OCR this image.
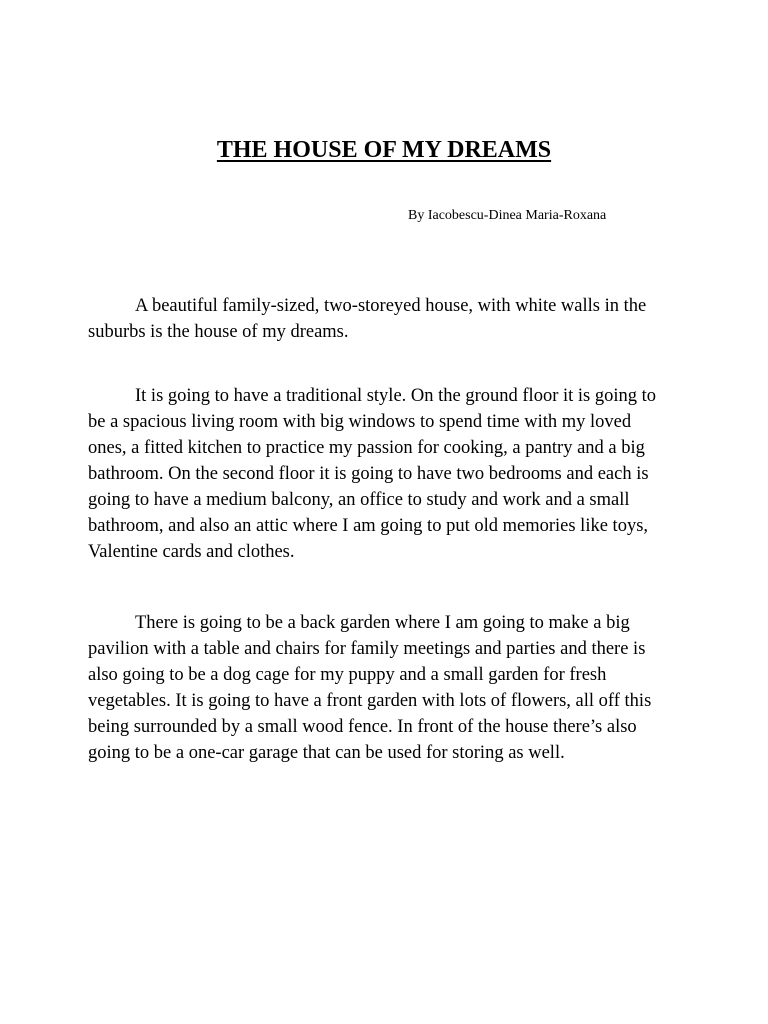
THE HOUSE OF MY DREAMS

By Iacobescu-Dinea Maria-Roxana

A beautiful family-sized, two-storeyed house, with white walls in the suburbs is the house of my dreams.

It is going to have a traditional style. On the ground floor it is going to be a spacious living room with big windows to spend time with my loved ones, a fitted kitchen to practice my passion for cooking, a pantry and a big bathroom. On the second floor it is going to have two bedrooms and each is going to have a medium balcony, an office to study and work and a small bathroom, and also an attic where I am going to put old memories like toys, Valentine cards and clothes.

There is going to be a back garden where I am going to make a big pavilion with a table and chairs for family meetings and parties and there is also going to be a dog cage for my puppy and a small garden for fresh vegetables. It is going to have a front garden with lots of flowers, all off this being surrounded by a small wood fence. In front of the house there’s also going to be a one-car garage that can be used for storing as well.
